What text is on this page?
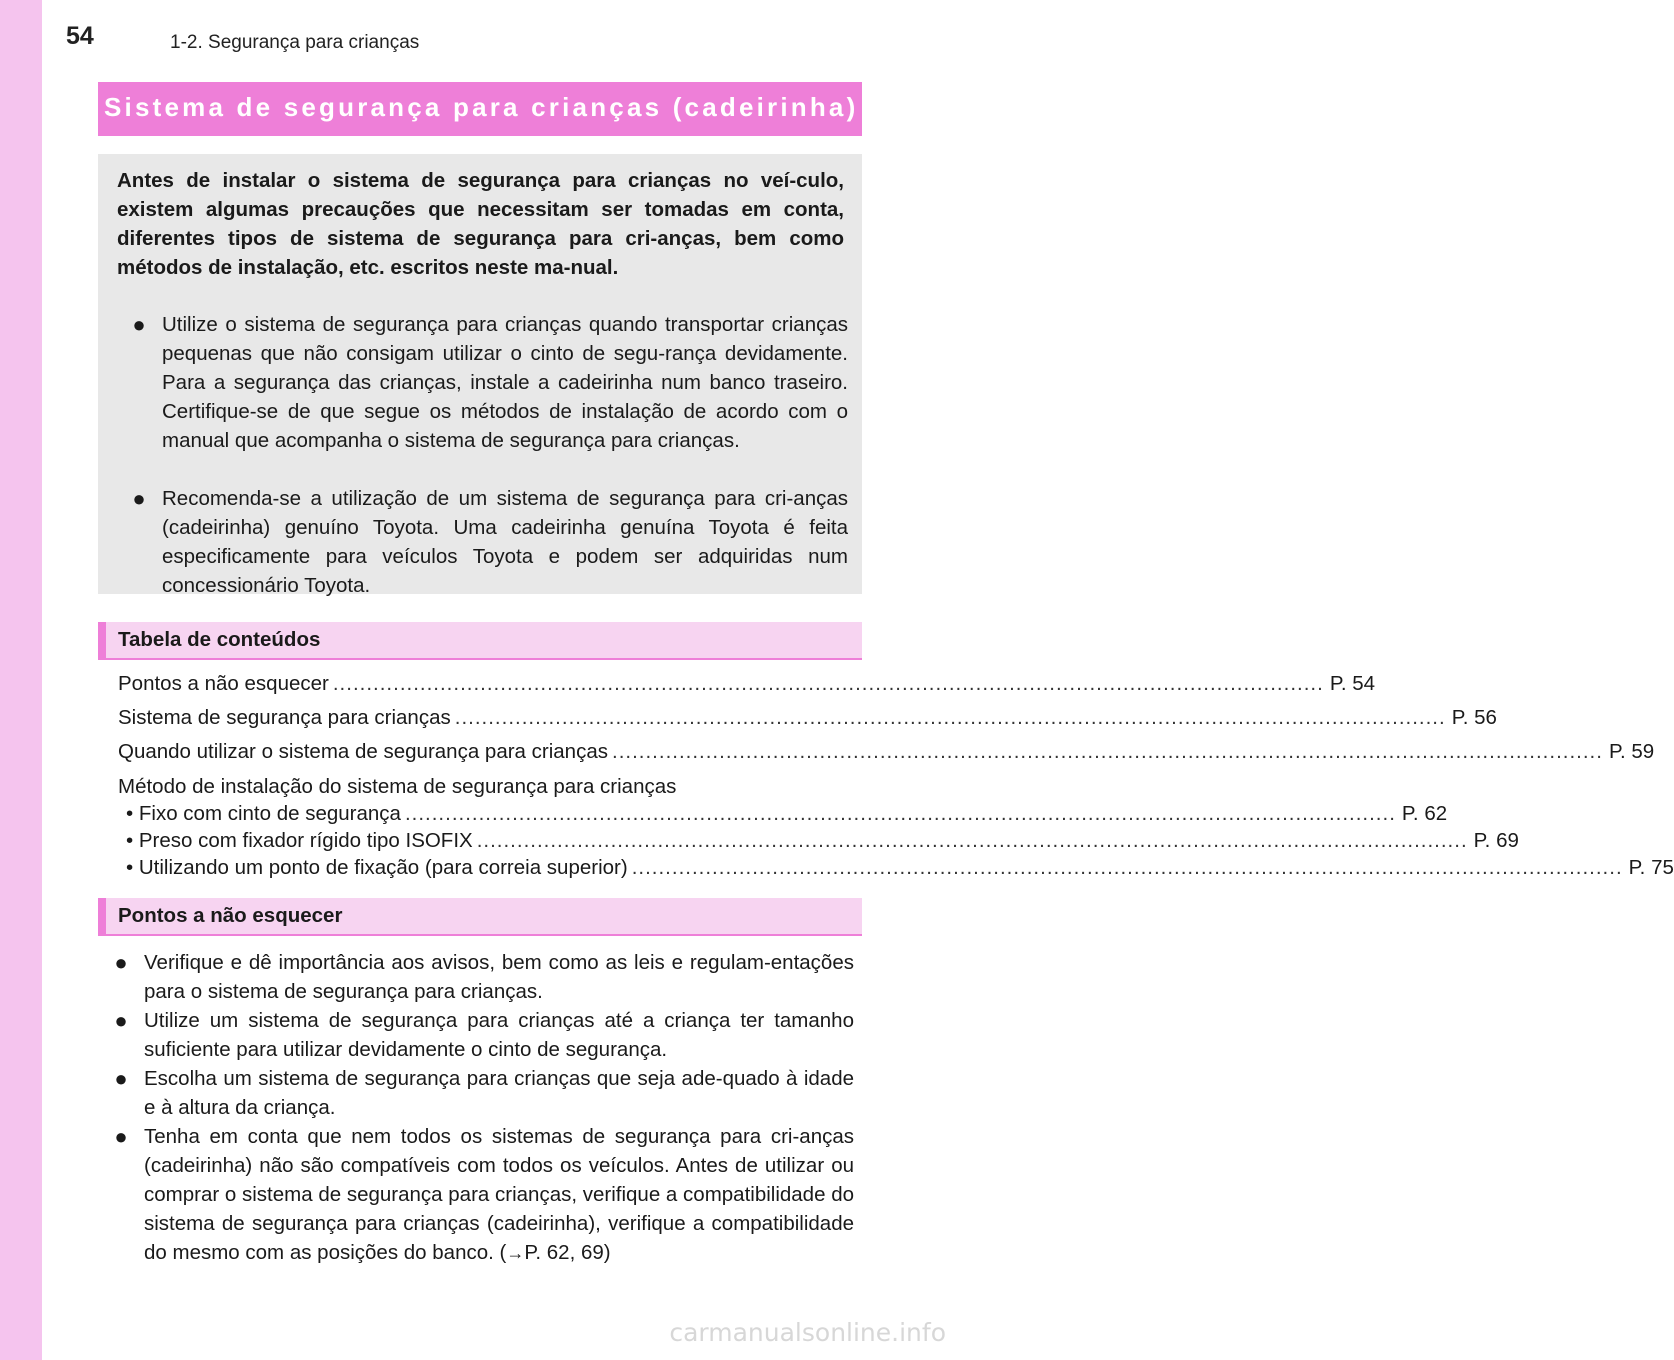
54	1-2. Segurança para crianças
Sistema de segurança para crianças (cadeirinha)
Antes de instalar o sistema de segurança para crianças no veí-culo, existem algumas precauções que necessitam ser tomadas em conta, diferentes tipos de sistema de segurança para cri-anças, bem como métodos de instalação, etc. escritos neste ma-nual.
● Utilize o sistema de segurança para crianças quando transportar crianças pequenas que não consigam utilizar o cinto de segu-rança devidamente. Para a segurança das crianças, instale a cadeirinha num banco traseiro. Certifique-se de que segue os métodos de instalação de acordo com o manual que acompanha o sistema de segurança para crianças.
● Recomenda-se a utilização de um sistema de segurança para cri-anças (cadeirinha) genuíno Toyota. Uma cadeirinha genuína Toyota é feita especificamente para veículos Toyota e podem ser adquiridas num concessionário Toyota.
Tabela de conteúdos
Pontos a não esquecer .................................................................................................................................................... P. 54
Sistema de segurança para crianças .................................................................................................................................................... P. 56
Quando utilizar o sistema de segurança para crianças .................................................................................................................................................... P. 59
Método de instalação do sistema de segurança para crianças
• Fixo com cinto de segurança .................................................................................................................................................... P. 62
• Preso com fixador rígido tipo ISOFIX .................................................................................................................................................... P. 69
• Utilizando um ponto de fixação (para correia superior) .................................................................................................................................................... P. 75
Pontos a não esquecer
● Verifique e dê importância aos avisos, bem como as leis e regulam-entações para o sistema de segurança para crianças.
● Utilize um sistema de segurança para crianças até a criança ter tamanho suficiente para utilizar devidamente o cinto de segurança.
● Escolha um sistema de segurança para crianças que seja ade-quado à idade e à altura da criança.
● Tenha em conta que nem todos os sistemas de segurança para cri-anças (cadeirinha) não são compatíveis com todos os veículos. Antes de utilizar ou comprar o sistema de segurança para crianças, verifique a compatibilidade do sistema de segurança para crianças (cadeirinha), verifique a compatibilidade do mesmo com as posições do banco. (→P. 62, 69)
carmanualsonline.info
